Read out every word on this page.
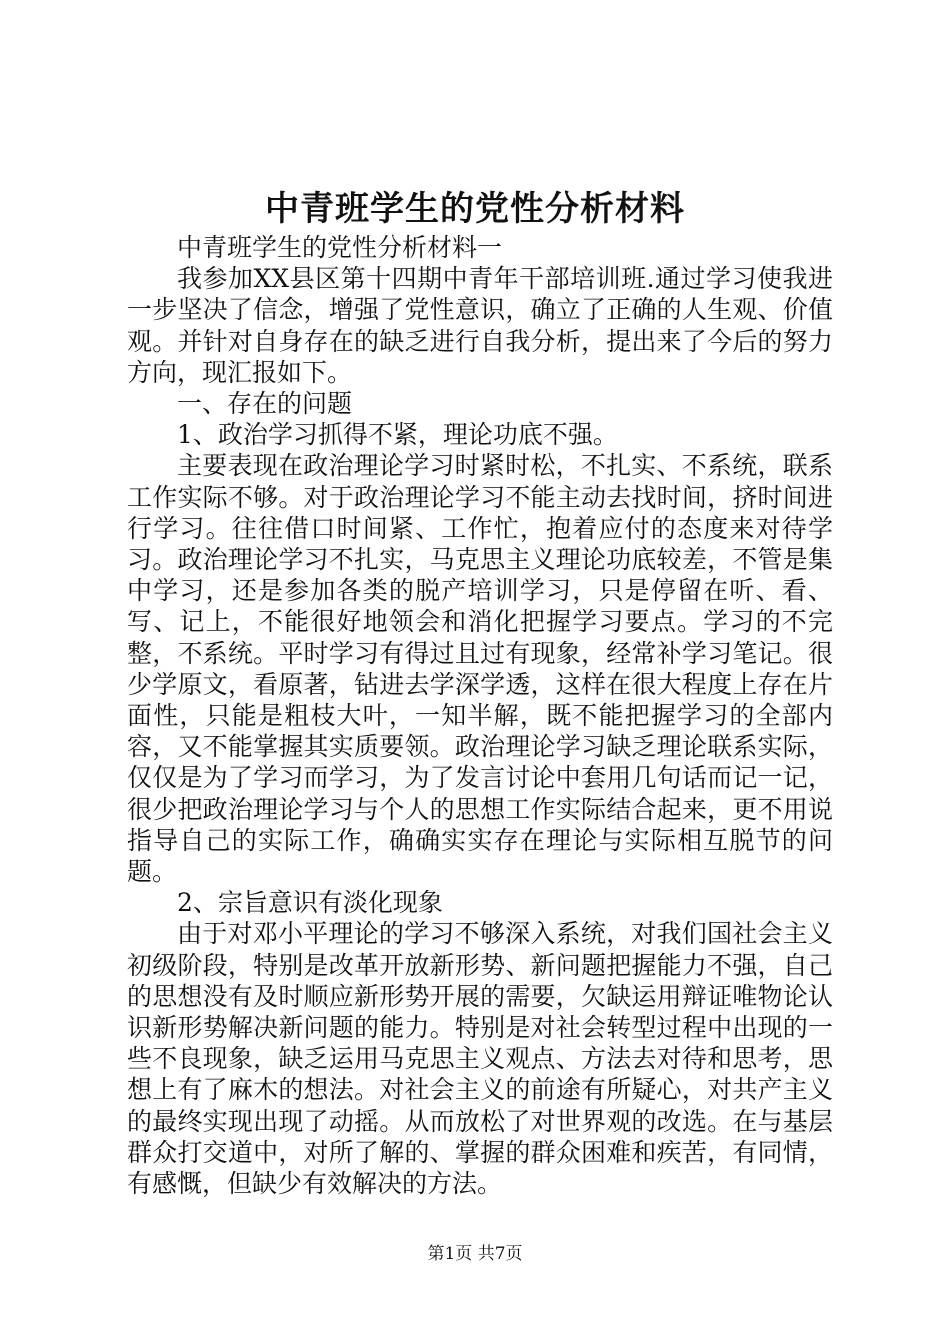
中青班学生的党性分析材料

中青班学生的党性分析材料一

我参加XX县区第十四期中青年干部培训班.通过学习使我进一步坚决了信念，增强了党性意识，确立了正确的人生观、价值观。并针对自身存在的缺乏进行自我分析，提出来了今后的努力方向，现汇报如下。

一、存在的问题

1、政治学习抓得不紧，理论功底不强。

主要表现在政治理论学习时紧时松，不扎实、不系统，联系工作实际不够。对于政治理论学习不能主动去找时间，挤时间进行学习。往往借口时间紧、工作忙，抱着应付的态度来对待学习。政治理论学习不扎实，马克思主义理论功底较差，不管是集中学习，还是参加各类的脱产培训学习，只是停留在听、看、写、记上，不能很好地领会和消化把握学习要点。学习的不完整，不系统。平时学习有得过且过有现象，经常补学习笔记。很少学原文，看原著，钻进去学深学透，这样在很大程度上存在片面性，只能是粗枝大叶，一知半解，既不能把握学习的全部内容，又不能掌握其实质要领。政治理论学习缺乏理论联系实际，仅仅是为了学习而学习，为了发言讨论中套用几句话而记一记，很少把政治理论学习与个人的思想工作实际结合起来，更不用说指导自己的实际工作，确确实实存在理论与实际相互脱节的问题。

2、宗旨意识有淡化现象

由于对邓小平理论的学习不够深入系统，对我们国社会主义初级阶段，特别是改革开放新形势、新问题把握能力不强，自己的思想没有及时顺应新形势开展的需要，欠缺运用辩证唯物论认识新形势解决新问题的能力。特别是对社会转型过程中出现的一些不良现象，缺乏运用马克思主义观点、方法去对待和思考，思想上有了麻木的想法。对社会主义的前途有所疑心，对共产主义的最终实现出现了动摇。从而放松了对世界观的改选。在与基层群众打交道中，对所了解的、掌握的群众困难和疾苦，有同情，有感慨，但缺少有效解决的方法。

第1页 共7页
